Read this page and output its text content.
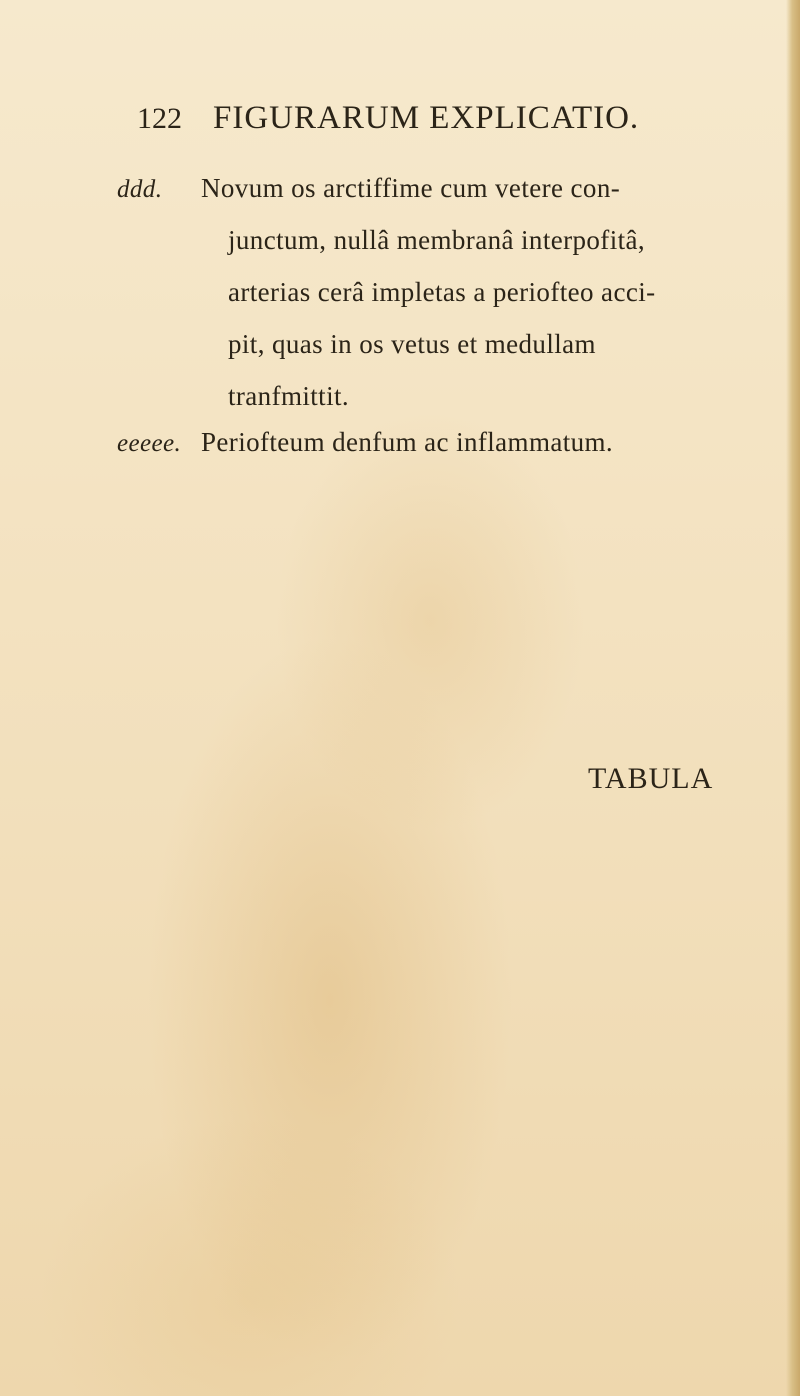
122 FIGURARUM EXPLICATIO.
ddd. Novum os arctiffime cum vetere con-
junctum, nullâ membranâ interpofitâ,
arterias cerâ impletas a periofteo acci-
pit, quas in os vetus et medullam
tranfmittit.
eeeee. Periofteum denfum ac inflammatum.
TABULA
